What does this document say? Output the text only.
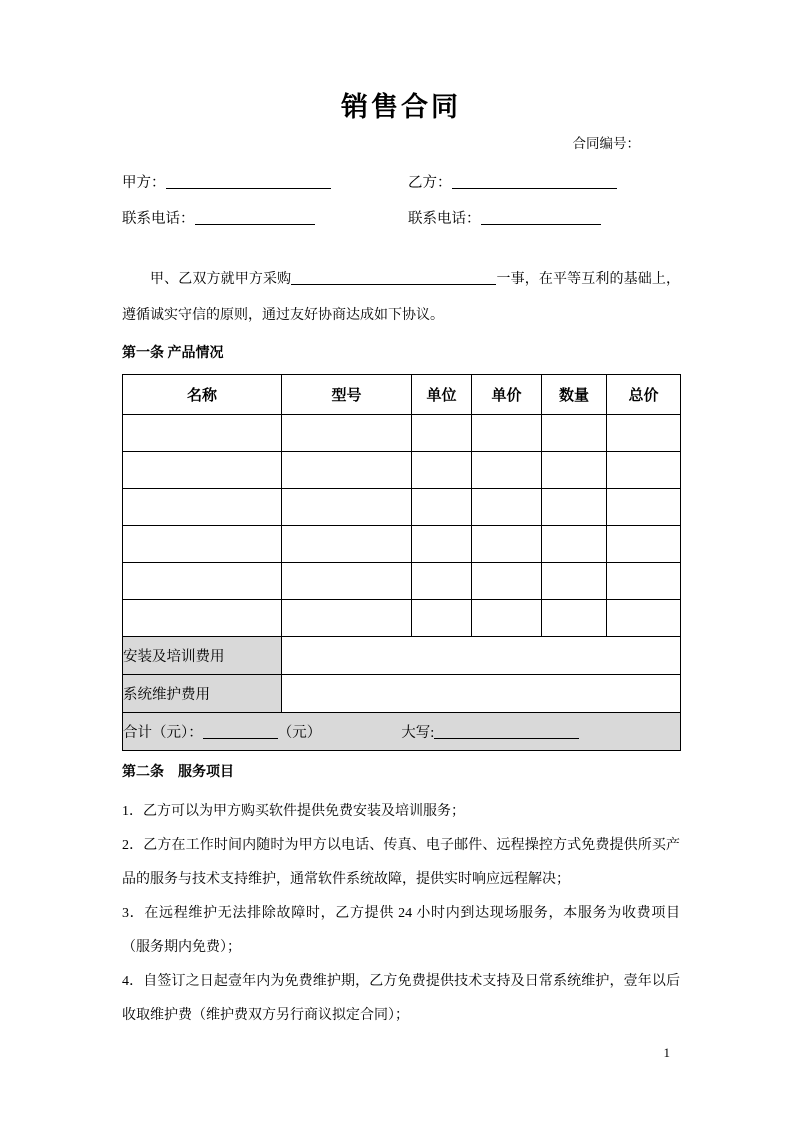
销售合同
合同编号：
甲方：	乙方：
联系电话：	联系电话：

甲、乙双方就甲方采购	一事，在平等互利的基础上，遵循诚实守信的原则，通过友好协商达成如下协议。

第一条 产品情况
名称	型号	单位	单价	数量	总价

安装及培训费用					
系统维护费用					
合计（元）： （元） 大写:					
第二条　服务项目

1．乙方可以为甲方购买软件提供免费安装及培训服务；

2．乙方在工作时间内随时为甲方以电话、传真、电子邮件、远程操控方式免费提供所买产品的服务与技术支持维护，通常软件系统故障，提供实时响应远程解决；

3．在远程维护无法排除故障时，乙方提供 24 小时内到达现场服务，本服务为收费项目（服务期内免费）；

4．自签订之日起壹年内为免费维护期，乙方免费提供技术支持及日常系统维护，壹年以后收取维护费（维护费双方另行商议拟定合同）；

1
